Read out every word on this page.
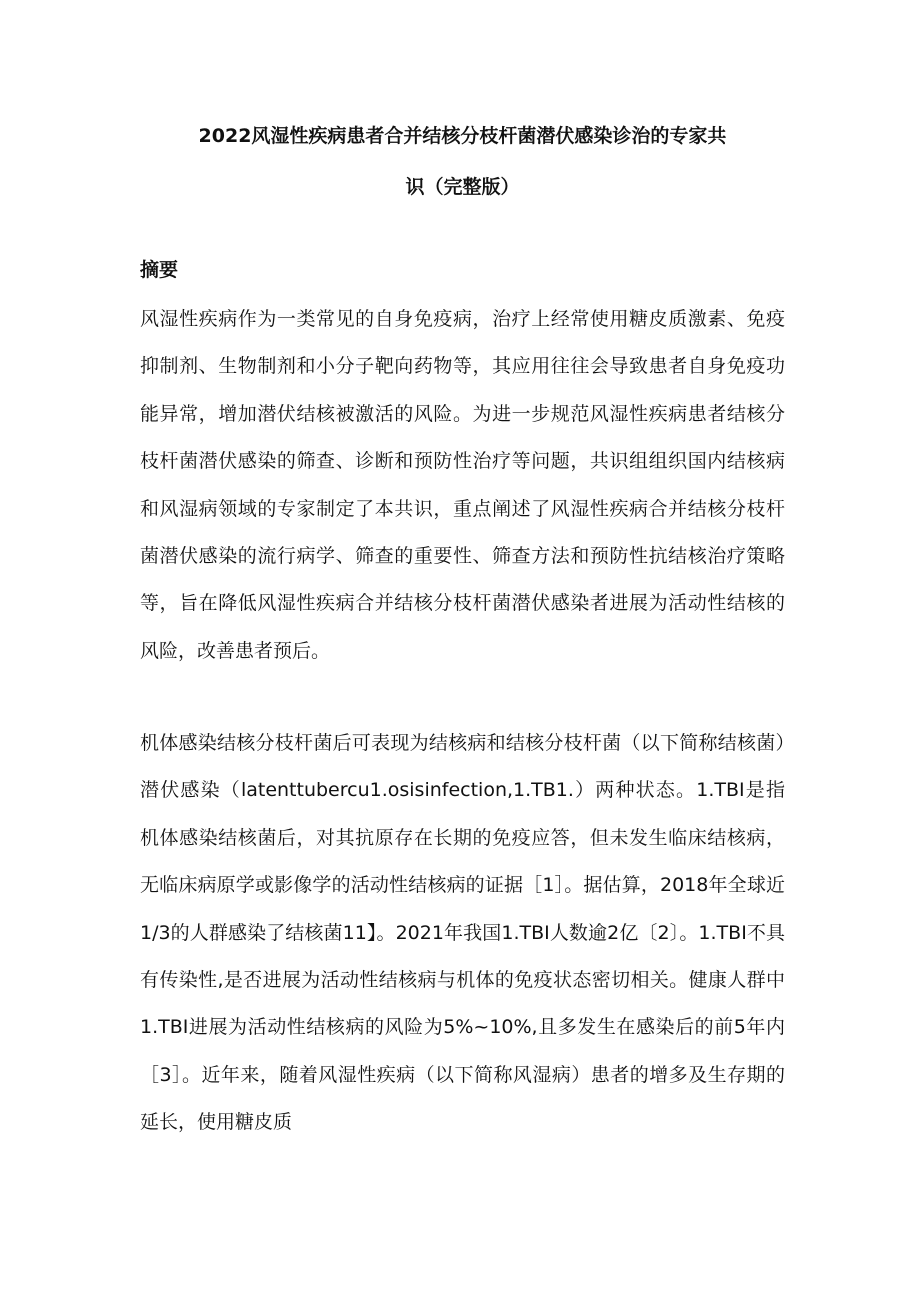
2022风湿性疾病患者合并结核分枝杆菌潜伏感染诊治的专家共
识（完整版）
摘要

风湿性疾病作为一类常见的自身免疫病，治疗上经常使用糖皮质激素、免疫抑制剂、生物制剂和小分子靶向药物等，其应用往往会导致患者自身免疫功能异常，增加潜伏结核被激活的风险。为进一步规范风湿性疾病患者结核分枝杆菌潜伏感染的筛查、诊断和预防性治疗等问题，共识组组织国内结核病和风湿病领域的专家制定了本共识，重点阐述了风湿性疾病合并结核分枝杆菌潜伏感染的流行病学、筛查的重要性、筛查方法和预防性抗结核治疗策略等，旨在降低风湿性疾病合并结核分枝杆菌潜伏感染者进展为活动性结核的风险，改善患者预后。

机体感染结核分枝杆菌后可表现为结核病和结核分枝杆菌（以下简称结核菌）潜伏感染（latenttubercu1.osisinfection,1.TB1.）两种状态。1.TBI是指机体感染结核菌后，对其抗原存在长期的免疫应答，但未发生临床结核病，无临床病原学或影像学的活动性结核病的证据［1］。据估算，2018年全球近1/3的人群感染了结核菌11】。2021年我国1.TBI人数逾2亿〔2〕。1.TBI不具有传染性,是否进展为活动性结核病与机体的免疫状态密切相关。健康人群中1.TBI进展为活动性结核病的风险为5%~10%,且多发生在感染后的前5年内［3］。近年来，随着风湿性疾病（以下简称风湿病）患者的增多及生存期的延长，使用糖皮质
